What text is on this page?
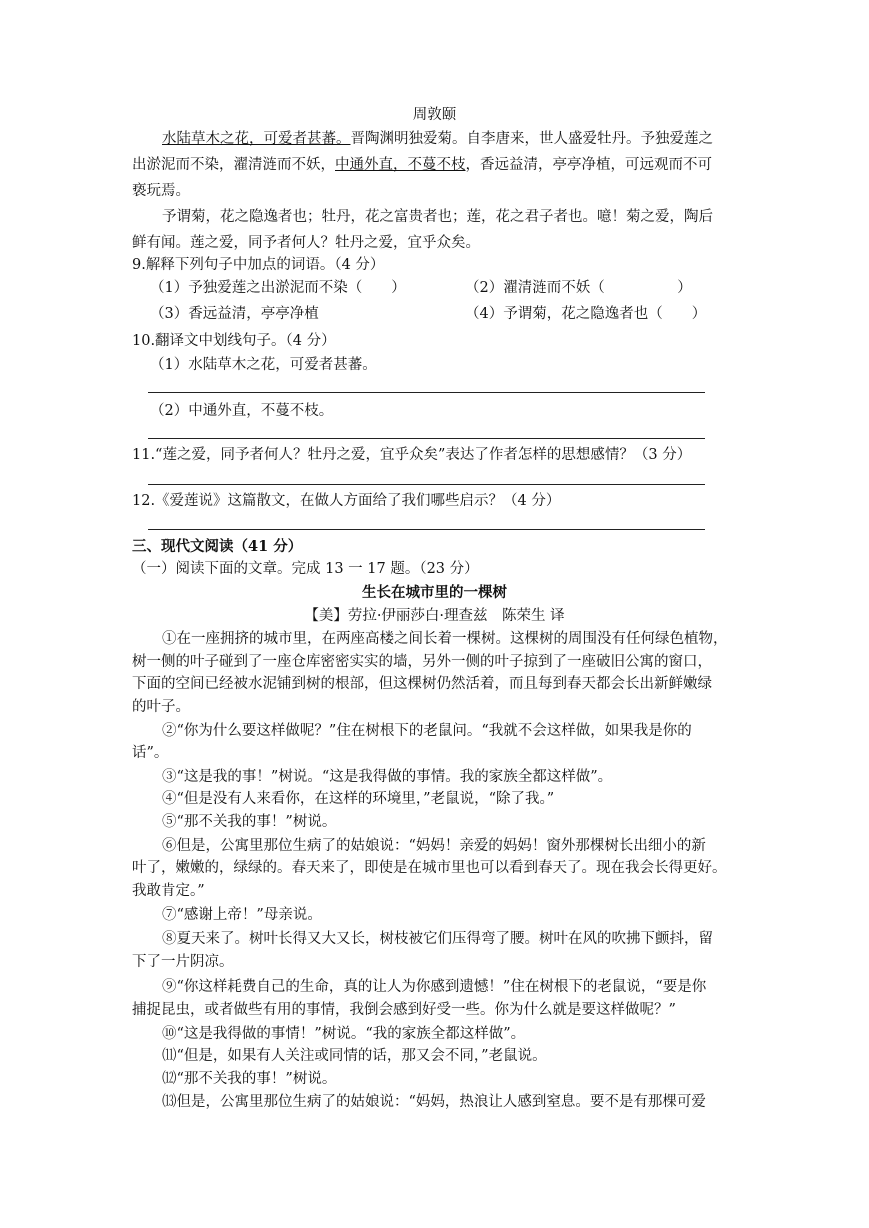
周敦颐
水陆草木之花，可爱者甚蕃。晋陶渊明独爱菊。自李唐来，世人盛爱牡丹。予独爱莲之
出淤泥而不染，濯清涟而不妖，中通外直，不蔓不枝，香远益清，亭亭净植，可远观而不可
亵玩焉。
予谓菊，花之隐逸者也；牡丹，花之富贵者也；莲，花之君子者也。噫！菊之爱，陶后
鲜有闻。莲之爱，同予者何人？牡丹之爱，宜乎众矣。
9.解释下列句子中加点的词语。（4 分）
（1）予独爱莲之出淤泥而不染（　　）	（2）濯清涟而不妖（　　　　　）
（3）香远益清，亭亭净植	（4）予谓菊，花之隐逸者也（　　）
10.翻译文中划线句子。（4 分）
（1）水陆草木之花，可爱者甚蕃。
（2）中通外直，不蔓不枝。
11.“莲之爱，同予者何人？牡丹之爱，宜乎众矣”表达了作者怎样的思想感情？（3 分）
12.《爱莲说》这篇散文，在做人方面给了我们哪些启示？（4 分）
三、现代文阅读（41 分）
（一）阅读下面的文章。完成 13 一 17 题。（23 分）
生长在城市里的一棵树
【美】劳拉·伊丽莎白·理查兹　陈荣生 译
①在一座拥挤的城市里，在两座高楼之间长着一棵树。这棵树的周围没有任何绿色植物，
树一侧的叶子碰到了一座仓库密密实实的墙，另外一侧的叶子掠到了一座破旧公寓的窗口，
下面的空间已经被水泥铺到树的根部，但这棵树仍然活着，而且每到春天都会长出新鲜嫩绿
的叶子。
②“你为什么要这样做呢？”住在树根下的老鼠问。“我就不会这样做，如果我是你的
话”。
③“这是我的事！”树说。“这是我得做的事情。我的家族全都这样做”。
④“但是没有人来看你，在这样的环境里，”老鼠说，“除了我。”
⑤“那不关我的事！”树说。
⑥但是，公寓里那位生病了的姑娘说：“妈妈！亲爱的妈妈！窗外那棵树长出细小的新
叶了，嫩嫩的，绿绿的。春天来了，即使是在城市里也可以看到春天了。现在我会长得更好。
我敢肯定。”
⑦“感谢上帝！”母亲说。
⑧夏天来了。树叶长得又大又长，树枝被它们压得弯了腰。树叶在风的吹拂下颤抖，留
下了一片阴凉。
⑨“你这样耗费自己的生命，真的让人为你感到遗憾！”住在树根下的老鼠说，“要是你
捕捉昆虫，或者做些有用的事情，我倒会感到好受一些。你为什么就是要这样做呢？”
⑩“这是我得做的事情！”树说。“我的家族全都这样做”。
⑾“但是，如果有人关注或同情的话，那又会不同，”老鼠说。
⑿“那不关我的事！”树说。
⒀但是，公寓里那位生病了的姑娘说：“妈妈，热浪让人感到窒息。要不是有那棵可爱
